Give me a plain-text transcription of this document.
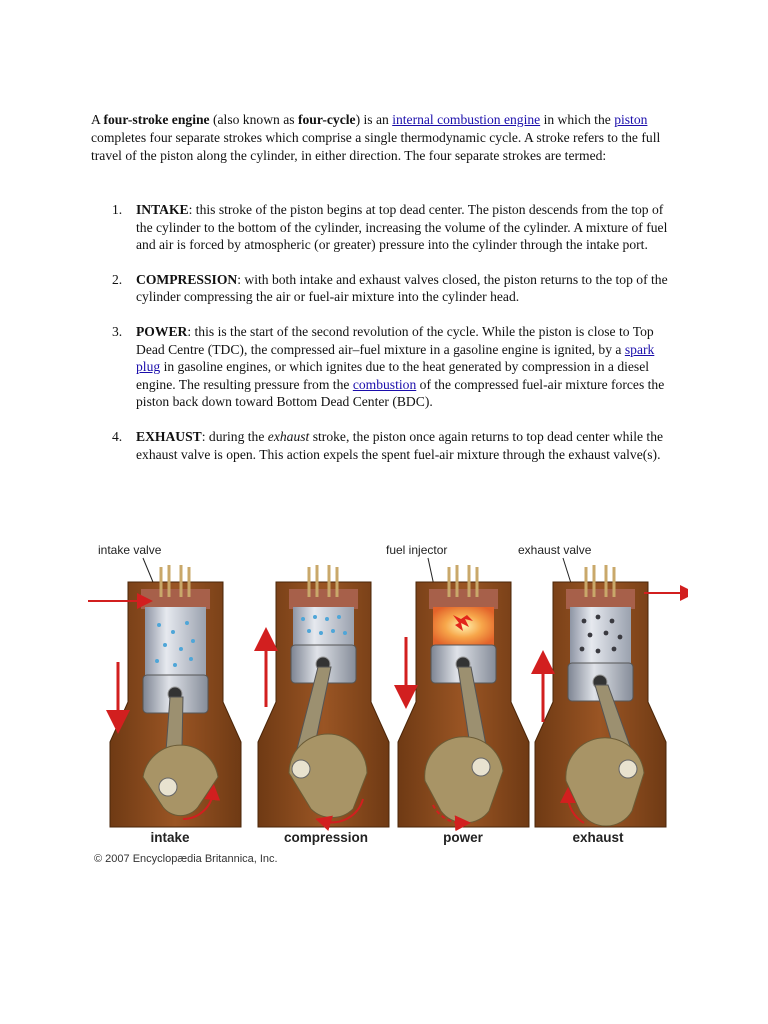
A four-stroke engine (also known as four-cycle) is an internal combustion engine in which the piston completes four separate strokes which comprise a single thermodynamic cycle. A stroke refers to the full travel of the piston along the cylinder, in either direction. The four separate strokes are termed:

1. INTAKE: this stroke of the piston begins at top dead center. The piston descends from the top of the cylinder to the bottom of the cylinder, increasing the volume of the cylinder. A mixture of fuel and air is forced by atmospheric (or greater) pressure into the cylinder through the intake port.
2. COMPRESSION: with both intake and exhaust valves closed, the piston returns to the top of the cylinder compressing the air or fuel-air mixture into the cylinder head.
3. POWER: this is the start of the second revolution of the cycle. While the piston is close to Top Dead Centre (TDC), the compressed air–fuel mixture in a gasoline engine is ignited, by a spark plug in gasoline engines, or which ignites due to the heat generated by compression in a diesel engine. The resulting pressure from the combustion of the compressed fuel-air mixture forces the piston back down toward Bottom Dead Center (BDC).
4. EXHAUST: during the exhaust stroke, the piston once again returns to top dead center while the exhaust valve is open. This action expels the spent fuel-air mixture through the exhaust valve(s).
intake valve	fuel injector	exhaust valve
intake	compression	power	exhaust
© 2007 Encyclopædia Britannica, Inc.
